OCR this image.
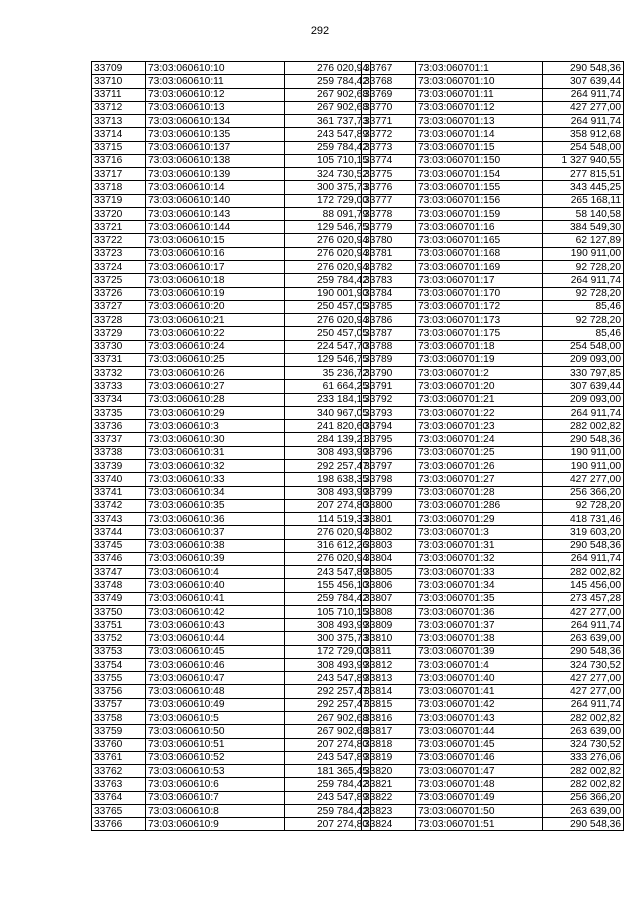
292
33709	73:03:060610:10	276 020,94
33710	73:03:060610:11	259 784,42
33711	73:03:060610:12	267 902,68
33712	73:03:060610:13	267 902,68
33713	73:03:060610:134	361 737,73
33714	73:03:060610:135	243 547,89
33715	73:03:060610:137	259 784,42
33716	73:03:060610:138	105 710,15
33717	73:03:060610:139	324 730,52
33718	73:03:060610:14	300 375,73
33719	73:03:060610:140	172 729,00
33720	73:03:060610:143	88 091,79
33721	73:03:060610:144	129 546,75
33722	73:03:060610:15	276 020,94
33723	73:03:060610:16	276 020,94
33724	73:03:060610:17	276 020,94
33725	73:03:060610:18	259 784,42
33726	73:03:060610:19	190 001,90
33727	73:03:060610:20	250 457,05
33728	73:03:060610:21	276 020,94
33729	73:03:060610:22	250 457,05
33730	73:03:060610:24	224 547,70
33731	73:03:060610:25	129 546,75
33732	73:03:060610:26	35 236,72
33733	73:03:060610:27	61 664,25
33734	73:03:060610:28	233 184,15
33735	73:03:060610:29	340 967,05
33736	73:03:060610:3	241 820,60
33737	73:03:060610:30	284 139,21
33738	73:03:060610:31	308 493,99
33739	73:03:060610:32	292 257,47
33740	73:03:060610:33	198 638,35
33741	73:03:060610:34	308 493,99
33742	73:03:060610:35	207 274,80
33743	73:03:060610:36	114 519,33
33744	73:03:060610:37	276 020,94
33745	73:03:060610:38	316 612,26
33746	73:03:060610:39	276 020,94
33747	73:03:060610:4	243 547,89
33748	73:03:060610:40	155 456,10
33749	73:03:060610:41	259 784,42
33750	73:03:060610:42	105 710,15
33751	73:03:060610:43	308 493,99
33752	73:03:060610:44	300 375,73
33753	73:03:060610:45	172 729,00
33754	73:03:060610:46	308 493,99
33755	73:03:060610:47	243 547,89
33756	73:03:060610:48	292 257,47
33757	73:03:060610:49	292 257,47
33758	73:03:060610:5	267 902,68
33759	73:03:060610:50	267 902,68
33760	73:03:060610:51	207 274,80
33761	73:03:060610:52	243 547,89
33762	73:03:060610:53	181 365,45
33763	73:03:060610:6	259 784,42
33764	73:03:060610:7	243 547,89
33765	73:03:060610:8	259 784,42
33766	73:03:060610:9	207 274,80
33767	73:03:060701:1	290 548,36
33768	73:03:060701:10	307 639,44
33769	73:03:060701:11	264 911,74
33770	73:03:060701:12	427 277,00
33771	73:03:060701:13	264 911,74
33772	73:03:060701:14	358 912,68
33773	73:03:060701:15	254 548,00
33774	73:03:060701:150	1 327 940,55
33775	73:03:060701:154	277 815,51
33776	73:03:060701:155	343 445,25
33777	73:03:060701:156	265 168,11
33778	73:03:060701:159	58 140,58
33779	73:03:060701:16	384 549,30
33780	73:03:060701:165	62 127,89
33781	73:03:060701:168	190 911,00
33782	73:03:060701:169	92 728,20
33783	73:03:060701:17	264 911,74
33784	73:03:060701:170	92 728,20
33785	73:03:060701:172	85,46
33786	73:03:060701:173	92 728,20
33787	73:03:060701:175	85,46
33788	73:03:060701:18	254 548,00
33789	73:03:060701:19	209 093,00
33790	73:03:060701:2	330 797,85
33791	73:03:060701:20	307 639,44
33792	73:03:060701:21	209 093,00
33793	73:03:060701:22	264 911,74
33794	73:03:060701:23	282 002,82
33795	73:03:060701:24	290 548,36
33796	73:03:060701:25	190 911,00
33797	73:03:060701:26	190 911,00
33798	73:03:060701:27	427 277,00
33799	73:03:060701:28	256 366,20
33800	73:03:060701:286	92 728,20
33801	73:03:060701:29	418 731,46
33802	73:03:060701:3	319 603,20
33803	73:03:060701:31	290 548,36
33804	73:03:060701:32	264 911,74
33805	73:03:060701:33	282 002,82
33806	73:03:060701:34	145 456,00
33807	73:03:060701:35	273 457,28
33808	73:03:060701:36	427 277,00
33809	73:03:060701:37	264 911,74
33810	73:03:060701:38	263 639,00
33811	73:03:060701:39	290 548,36
33812	73:03:060701:4	324 730,52
33813	73:03:060701:40	427 277,00
33814	73:03:060701:41	427 277,00
33815	73:03:060701:42	264 911,74
33816	73:03:060701:43	282 002,82
33817	73:03:060701:44	263 639,00
33818	73:03:060701:45	324 730,52
33819	73:03:060701:46	333 276,06
33820	73:03:060701:47	282 002,82
33821	73:03:060701:48	282 002,82
33822	73:03:060701:49	256 366,20
33823	73:03:060701:50	263 639,00
33824	73:03:060701:51	290 548,36
